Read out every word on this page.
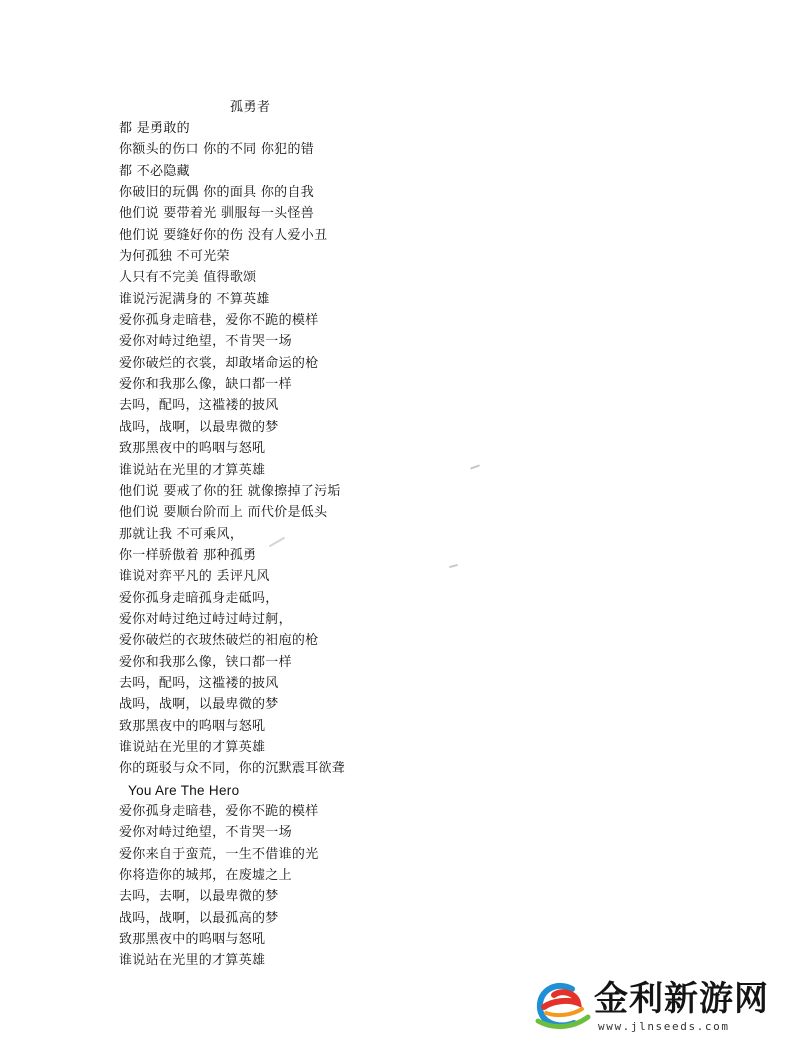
孤勇者
都 是勇敢的
你额头的伤口 你的不同 你犯的错
都 不必隐藏
你破旧的玩偶 你的面具 你的自我
他们说 要带着光 驯服每一头怪兽
他们说 要缝好你的伤 没有人爱小丑
为何孤独 不可光荣
人只有不完美 值得歌颂
谁说污泥满身的 不算英雄
爱你孤身走暗巷，爱你不跪的模样
爱你对峙过绝望，不肯哭一场
爱你破烂的衣裳，却敢堵命运的枪
爱你和我那么像，缺口都一样
去吗，配吗，这褴褛的披风
战吗，战啊，以最卑微的梦
致那黑夜中的呜咽与怒吼
谁说站在光里的才算英雄
他们说 要戒了你的狂 就像擦掉了污垢
他们说 要顺台阶而上 而代价是低头
那就让我 不可乘风，
你一样骄傲着 那种孤勇
谁说对弈平凡的 丢评凡风
爱你孤身走暗孤身走砥吗，
爱你对峙过绝过峙过峙过舸，
爱你破烂的衣玻烋破烂的衵庖的枪
爱你和我那么像，铗口都一样
去吗，配吗，这褴褛的披风
战吗，战啊，以最卑微的梦
致那黑夜中的呜咽与怒吼
谁说站在光里的才算英雄
你的斑驳与众不同，你的沉默震耳欲聋
You Are The Hero
爱你孤身走暗巷，爱你不跪的模样
爱你对峙过绝望，不肯哭一场
爱你来自于蛮荒，一生不借谁的光
你将造你的城邦，在废墟之上
去吗，去啊，以最卑微的梦
战吗，战啊，以最孤高的梦
致那黑夜中的呜咽与怒吼
谁说站在光里的才算英雄
金利新游网
www.jlnseeds.com
